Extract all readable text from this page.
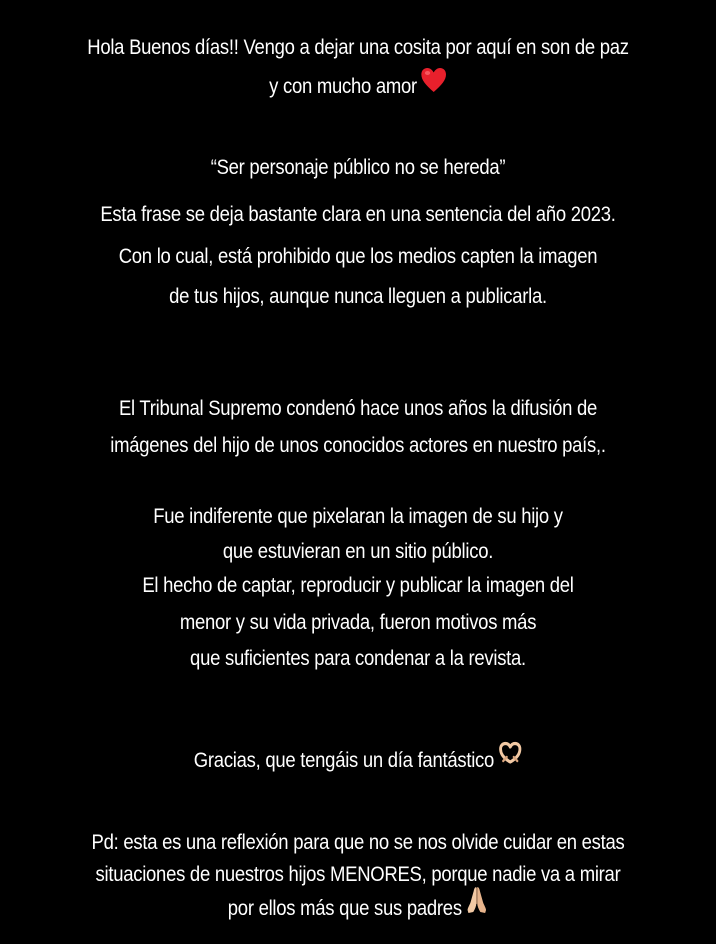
Hola Buenos días!! Vengo a dejar una cosita por aquí en son de paz
y con mucho amor
“Ser personaje público no se hereda”
Esta frase se deja bastante clara en una sentencia del año 2023.
Con lo cual, está prohibido que los medios capten la imagen
de tus hijos, aunque nunca lleguen a publicarla.
El Tribunal Supremo condenó hace unos años la difusión de
imágenes del hijo de unos conocidos actores en nuestro país,.
Fue indiferente que pixelaran la imagen de su hijo y
que estuvieran en un sitio público.
El hecho de captar, reproducir y publicar la imagen del
menor y su vida privada, fueron motivos más
que suficientes para condenar a la revista.
Gracias, que tengáis un día fantástico
Pd: esta es una reflexión para que no se nos olvide cuidar en estas
situaciones de nuestros hijos MENORES, porque nadie va a mirar
por ellos más que sus padres
